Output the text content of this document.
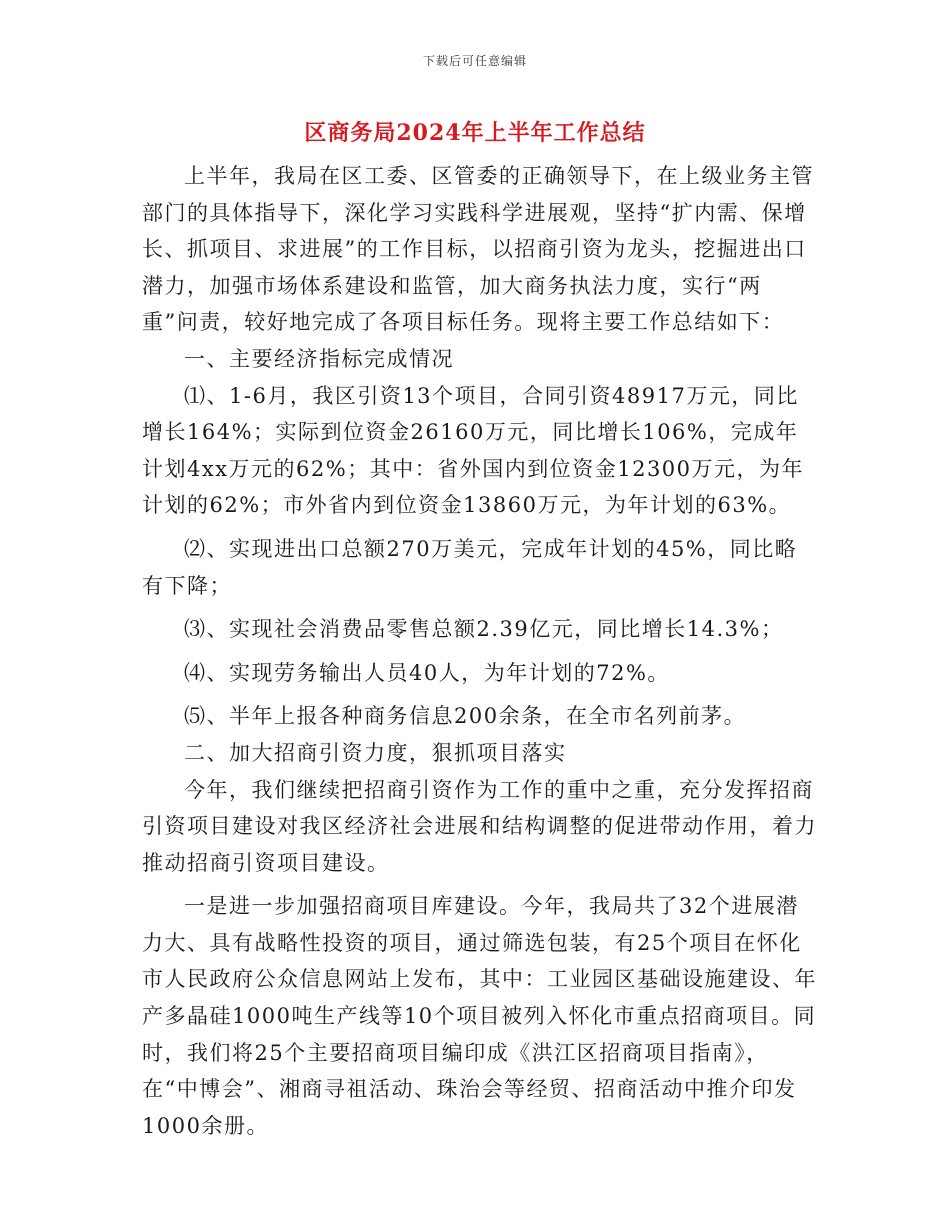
下载后可任意编辑
区商务局2024年上半年工作总结

上半年，我局在区工委、区管委的正确领导下，在上级业务主管部门的具体指导下，深化学习实践科学进展观，坚持“扩内需、保增长、抓项目、求进展”的工作目标，以招商引资为龙头，挖掘进出口潜力，加强市场体系建设和监管，加大商务执法力度，实行“两重”问责，较好地完成了各项目标任务。现将主要工作总结如下：

一、主要经济指标完成情况

⑴、1-6月，我区引资13个项目，合同引资48917万元，同比增长164%；实际到位资金26160万元，同比增长106%，完成年计划4xx万元的62%；其中：省外国内到位资金12300万元，为年计划的62%；市外省内到位资金13860万元，为年计划的63%。

⑵、实现进出口总额270万美元，完成年计划的45%，同比略有下降；

⑶、实现社会消费品零售总额2.39亿元，同比增长14.3%；

⑷、实现劳务输出人员40人，为年计划的72%。

⑸、半年上报各种商务信息200余条，在全市名列前茅。

二、加大招商引资力度，狠抓项目落实

今年，我们继续把招商引资作为工作的重中之重，充分发挥招商引资项目建设对我区经济社会进展和结构调整的促进带动作用，着力推动招商引资项目建设。

一是进一步加强招商项目库建设。今年，我局共了32个进展潜力大、具有战略性投资的项目，通过筛选包装，有25个项目在怀化市人民政府公众信息网站上发布，其中：工业园区基础设施建设、年产多晶硅1000吨生产线等10个项目被列入怀化市重点招商项目。同时，我们将25个主要招商项目编印成《洪江区招商项目指南》，在“中博会”、湘商寻祖活动、珠治会等经贸、招商活动中推介印发1000余册。
